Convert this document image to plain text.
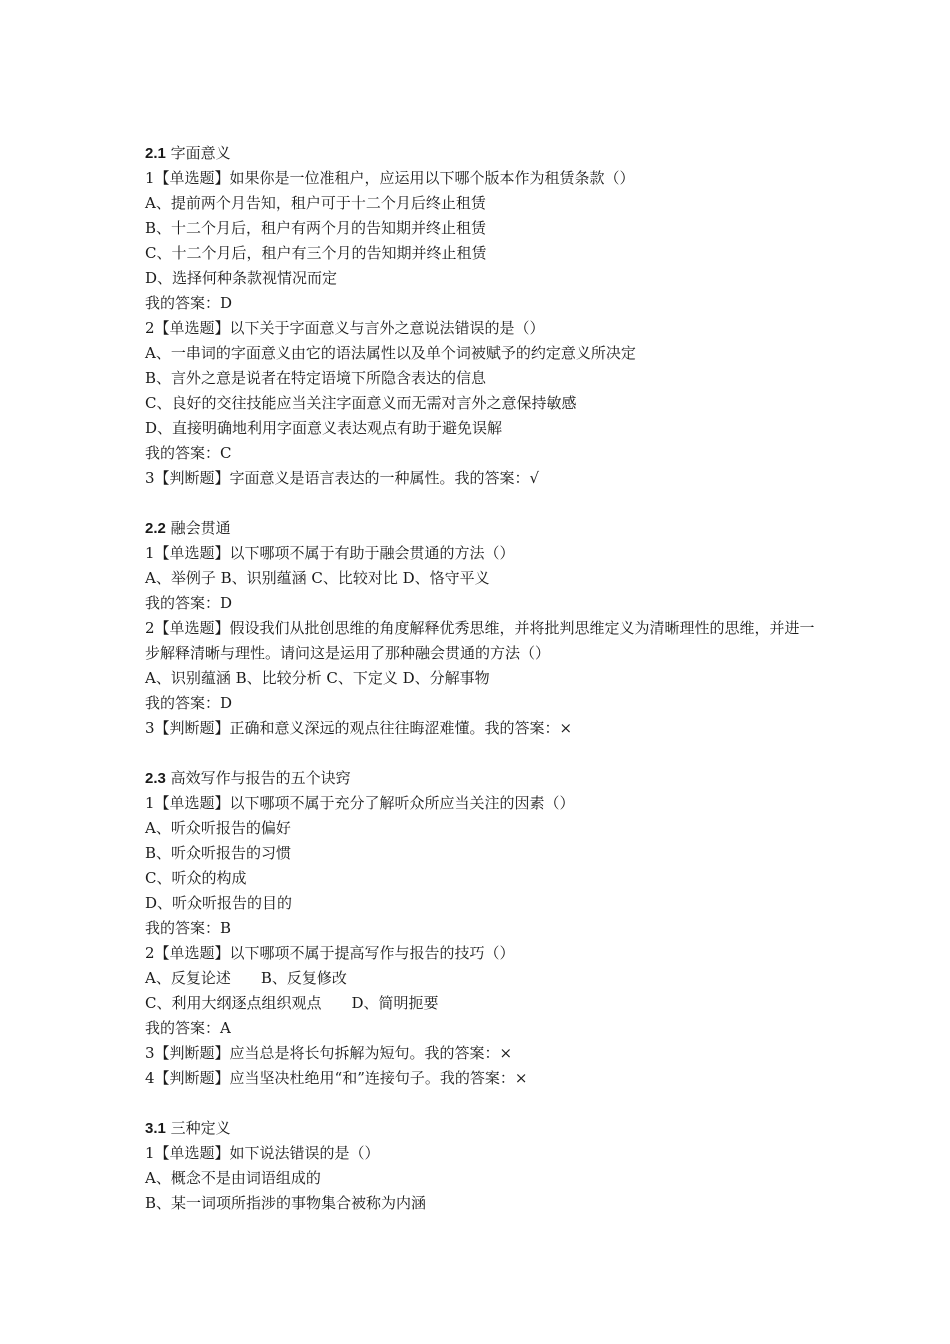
2.1 字面意义
1【单选题】如果你是一位准租户，应运用以下哪个版本作为租赁条款（）
A、提前两个月告知，租户可于十二个月后终止租赁
B、十二个月后，租户有两个月的告知期并终止租赁
C、十二个月后，租户有三个月的告知期并终止租赁
D、选择何种条款视情况而定
我的答案：D
2【单选题】以下关于字面意义与言外之意说法错误的是（）
A、一串词的字面意义由它的语法属性以及单个词被赋予的约定意义所决定
B、言外之意是说者在特定语境下所隐含表达的信息
C、良好的交往技能应当关注字面意义而无需对言外之意保持敏感
D、直接明确地利用字面意义表达观点有助于避免误解
我的答案：C
3【判断题】字面意义是语言表达的一种属性。我的答案：√
2.2 融会贯通
1【单选题】以下哪项不属于有助于融会贯通的方法（）
A、举例子 B、识别蕴涵 C、比较对比 D、恪守平义
我的答案：D
2【单选题】假设我们从批创思维的角度解释优秀思维，并将批判思维定义为清晰理性的思维，并进一步解释清晰与理性。请问这是运用了那种融会贯通的方法（）
A、识别蕴涵 B、比较分析 C、下定义 D、分解事物
我的答案：D
3【判断题】正确和意义深远的观点往往晦涩难懂。我的答案：×
2.3 高效写作与报告的五个诀窍
1【单选题】以下哪项不属于充分了解听众所应当关注的因素（）
A、听众听报告的偏好
B、听众听报告的习惯
C、听众的构成
D、听众听报告的目的
我的答案：B
2【单选题】以下哪项不属于提高写作与报告的技巧（）
A、反复论述　　B、反复修改
C、利用大纲逐点组织观点　　D、简明扼要
我的答案：A
3【判断题】应当总是将长句拆解为短句。我的答案：×
4【判断题】应当坚决杜绝用“和”连接句子。我的答案：×
3.1 三种定义
1【单选题】如下说法错误的是（）
A、概念不是由词语组成的
B、某一词项所指涉的事物集合被称为内涵
